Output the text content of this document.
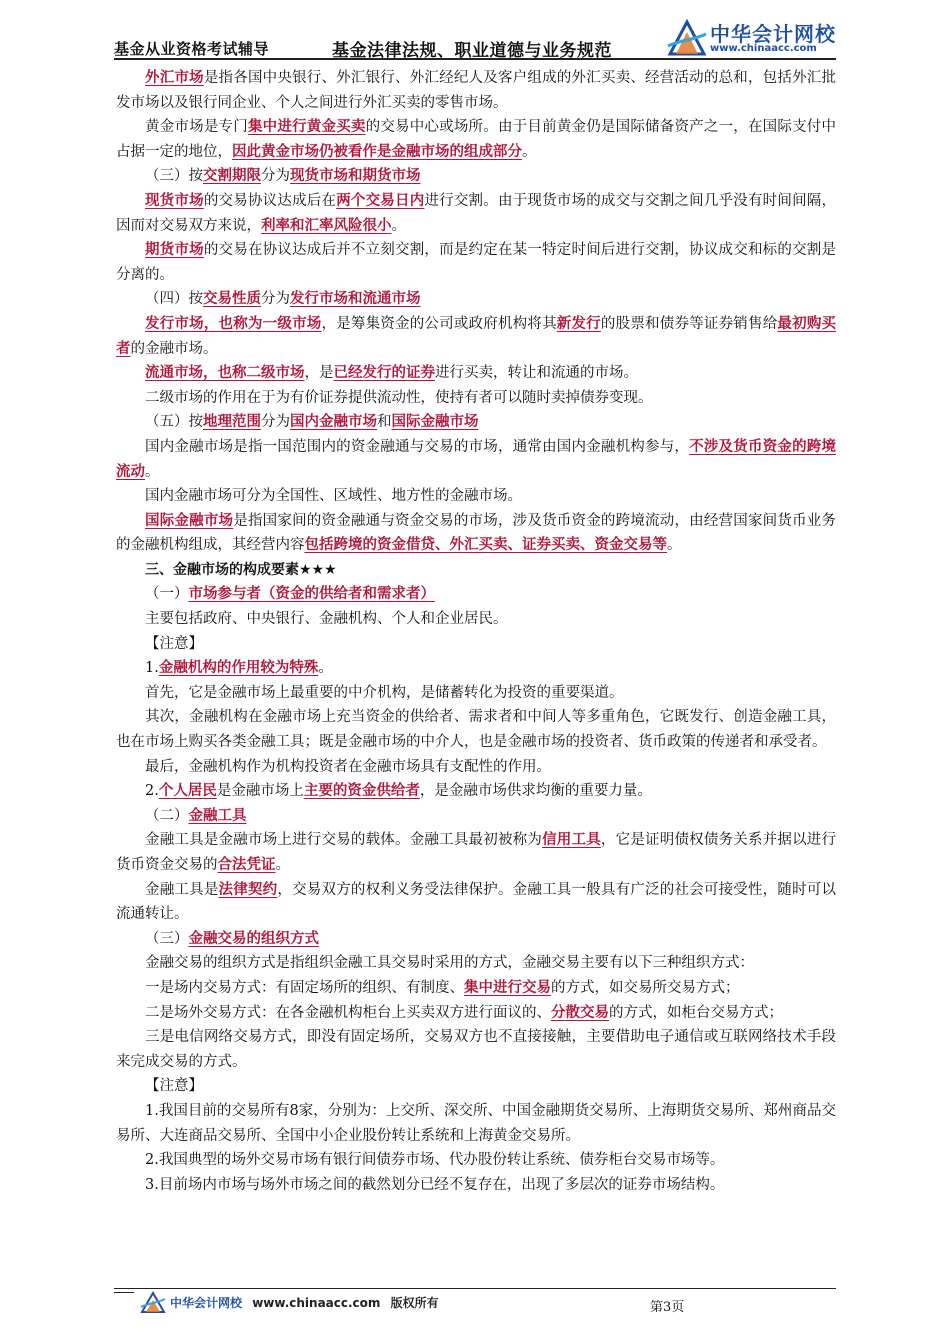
基金从业资格考试辅导	基金法律法规、职业道德与业务规范
中华会计网校
www.chinaacc.com

外汇市场是指各国中央银行、外汇银行、外汇经纪人及客户组成的外汇买卖、经营活动的总和，包括外汇批发市场以及银行同企业、个人之间进行外汇买卖的零售市场。

黄金市场是专门集中进行黄金买卖的交易中心或场所。由于目前黄金仍是国际储备资产之一，在国际支付中占据一定的地位，因此黄金市场仍被看作是金融市场的组成部分。

（三）按交割期限分为现货市场和期货市场

现货市场的交易协议达成后在两个交易日内进行交割。由于现货市场的成交与交割之间几乎没有时间间隔，因而对交易双方来说，利率和汇率风险很小。

期货市场的交易在协议达成后并不立刻交割，而是约定在某一特定时间后进行交割，协议成交和标的交割是分离的。

（四）按交易性质分为发行市场和流通市场

发行市场，也称为一级市场，是筹集资金的公司或政府机构将其新发行的股票和债券等证券销售给最初购买者的金融市场。

流通市场，也称二级市场，是已经发行的证券进行买卖，转让和流通的市场。

二级市场的作用在于为有价证券提供流动性，使持有者可以随时卖掉债券变现。

（五）按地理范围分为国内金融市场和国际金融市场

国内金融市场是指一国范围内的资金融通与交易的市场，通常由国内金融机构参与，不涉及货币资金的跨境流动。

国内金融市场可分为全国性、区域性、地方性的金融市场。

国际金融市场是指国家间的资金融通与资金交易的市场，涉及货币资金的跨境流动，由经营国家间货币业务的金融机构组成，其经营内容包括跨境的资金借贷、外汇买卖、证券买卖、资金交易等。

三、金融市场的构成要素★★★

（一）市场参与者（资金的供给者和需求者）

主要包括政府、中央银行、金融机构、个人和企业居民。

【注意】

1.金融机构的作用较为特殊。

首先，它是金融市场上最重要的中介机构，是储蓄转化为投资的重要渠道。

其次，金融机构在金融市场上充当资金的供给者、需求者和中间人等多重角色，它既发行、创造金融工具，也在市场上购买各类金融工具；既是金融市场的中介人，也是金融市场的投资者、货币政策的传递者和承受者。

最后，金融机构作为机构投资者在金融市场具有支配性的作用。

2.个人居民是金融市场上主要的资金供给者，是金融市场供求均衡的重要力量。

（二）金融工具

金融工具是金融市场上进行交易的载体。金融工具最初被称为信用工具，它是证明债权债务关系并据以进行货币资金交易的合法凭证。

金融工具是法律契约，交易双方的权利义务受法律保护。金融工具一般具有广泛的社会可接受性，随时可以流通转让。

（三）金融交易的组织方式

金融交易的组织方式是指组织金融工具交易时采用的方式，金融交易主要有以下三种组织方式：

一是场内交易方式：有固定场所的组织、有制度、集中进行交易的方式，如交易所交易方式；

二是场外交易方式：在各金融机构柜台上买卖双方进行面议的、分散交易的方式，如柜台交易方式；

三是电信网络交易方式，即没有固定场所，交易双方也不直接接触，主要借助电子通信或互联网络技术手段来完成交易的方式。

【注意】

1.我国目前的交易所有8家，分别为：上交所、深交所、中国金融期货交易所、上海期货交易所、郑州商品交易所、大连商品交易所、全国中小企业股份转让系统和上海黄金交易所。

2.我国典型的场外交易市场有银行间债券市场、代办股份转让系统、债券柜台交易市场等。

3.目前场内市场与场外市场之间的截然划分已经不复存在，出现了多层次的证券市场结构。

中华会计网校 www.chinaacc.com 版权所有	第3页
